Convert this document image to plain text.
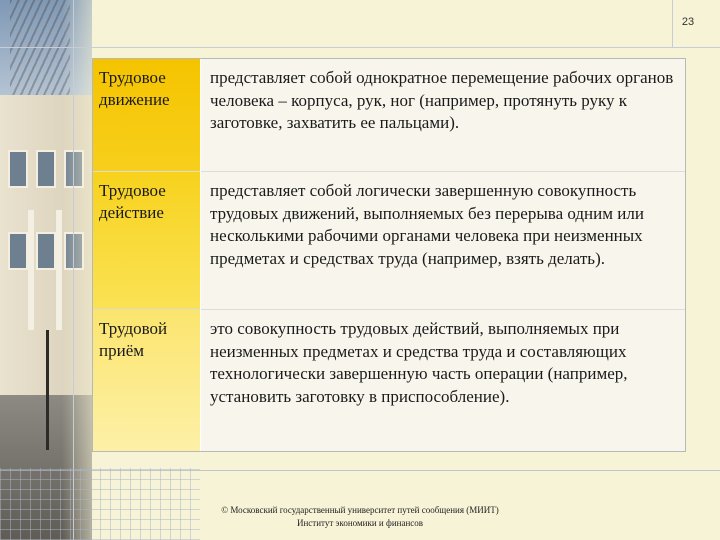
23
Трудовое движение
представляет собой однократное перемещение рабочих органов человека – корпуса, рук, ног (например, протянуть руку к заготовке, захватить ее пальцами).
Трудовое действие
представляет собой логически завершенную совокупность трудовых движений, выполняемых без перерыва одним или несколькими рабочими органами человека при неизменных предметах и средствах труда (например, взять делать).
Трудовой приём
это совокупность трудовых действий, выполняемых при неизменных предметах и средства труда и составляющих технологически завершенную часть операции (например, установить заготовку в приспособление).
© Московский государственный университет путей сообщения (МИИТ)
Институт экономики и финансов
